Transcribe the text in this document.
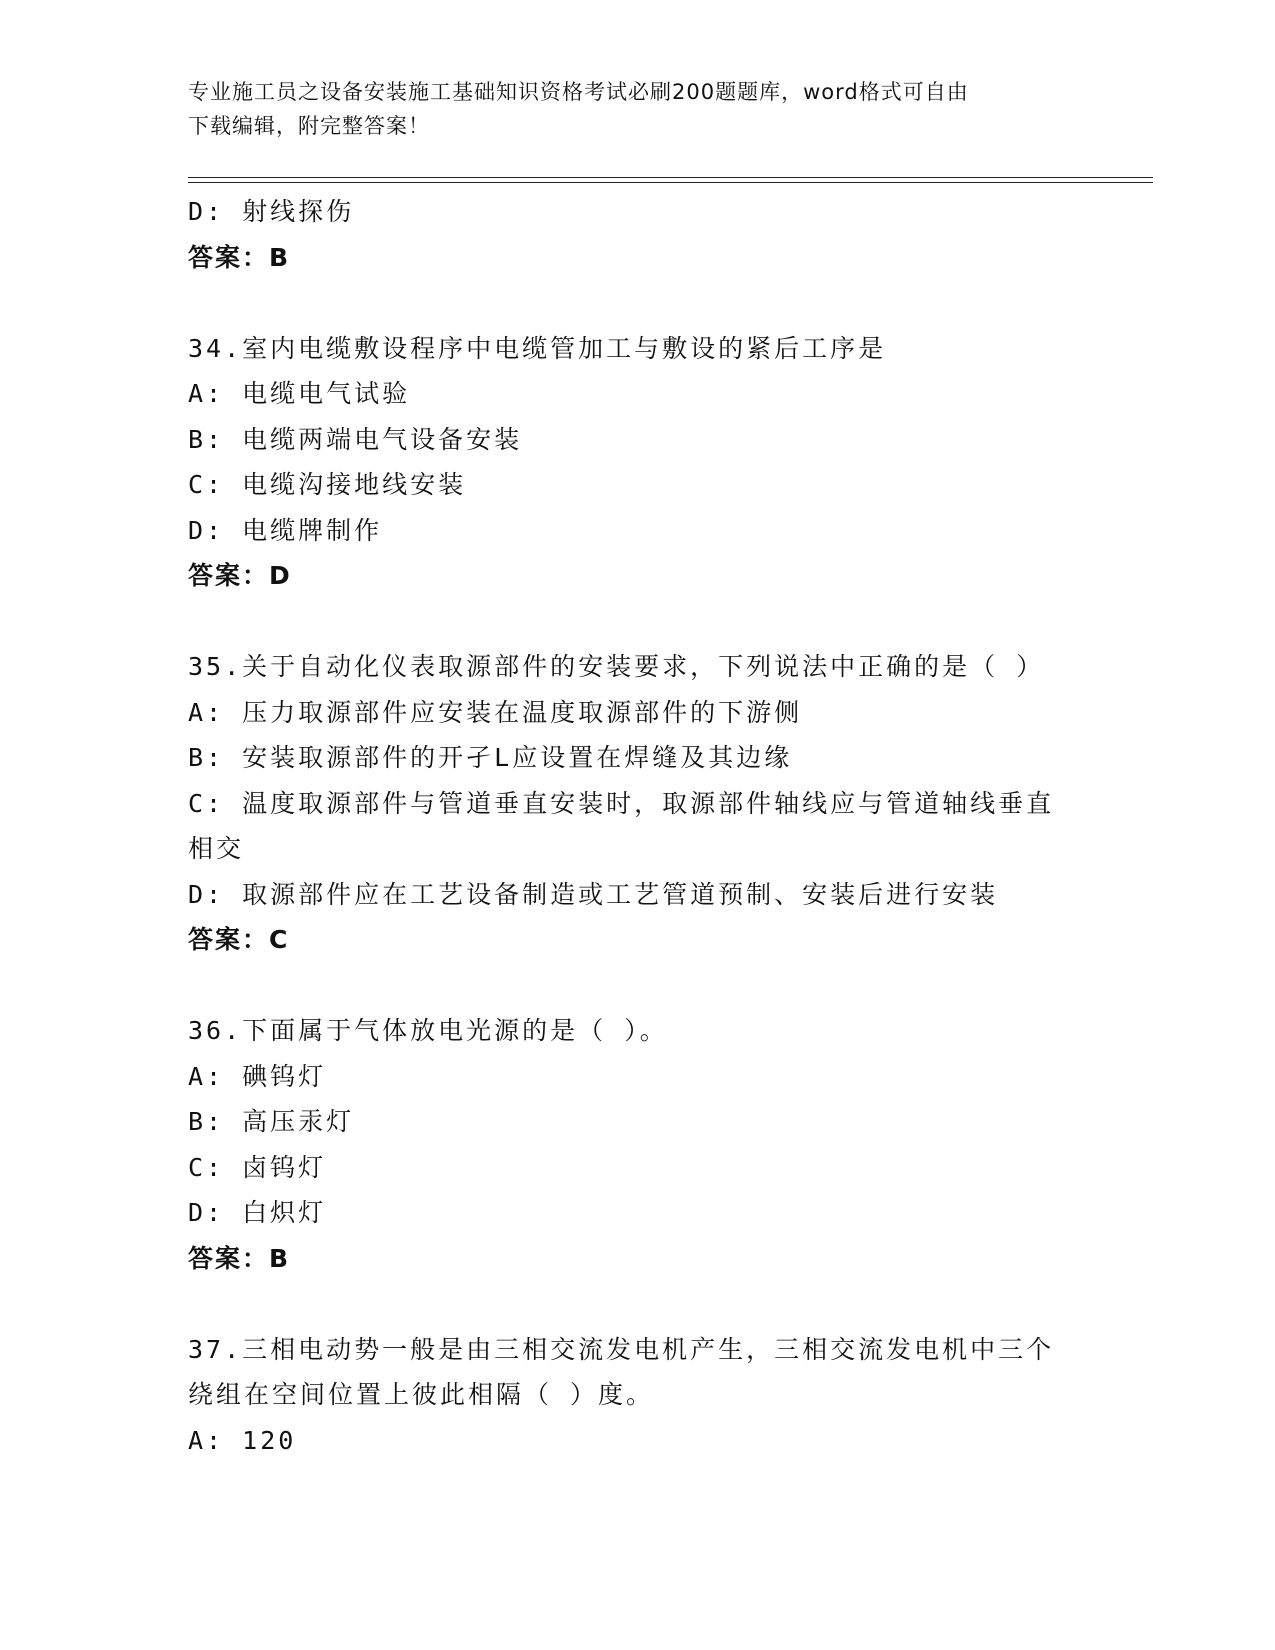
专业施工员之设备安装施工基础知识资格考试必刷200题题库，word格式可自由
下载编辑，附完整答案！
D: 射线探伤
答案：B
34.室内电缆敷设程序中电缆管加工与敷设的紧后工序是
A: 电缆电气试验
B: 电缆两端电气设备安装
C: 电缆沟接地线安装
D: 电缆牌制作
答案：D
35.关于自动化仪表取源部件的安装要求，下列说法中正确的是（ ）
A: 压力取源部件应安装在温度取源部件的下游侧
B: 安装取源部件的开孑L应设置在焊缝及其边缘
C: 温度取源部件与管道垂直安装时，取源部件轴线应与管道轴线垂直
相交
D: 取源部件应在工艺设备制造或工艺管道预制、安装后进行安装
答案：C
36.下面属于气体放电光源的是（ ）。
A: 碘钨灯
B: 高压汞灯
C: 卤钨灯
D: 白炽灯
答案：B
37.三相电动势一般是由三相交流发电机产生，三相交流发电机中三个
绕组在空间位置上彼此相隔（ ）度。
A: 120
